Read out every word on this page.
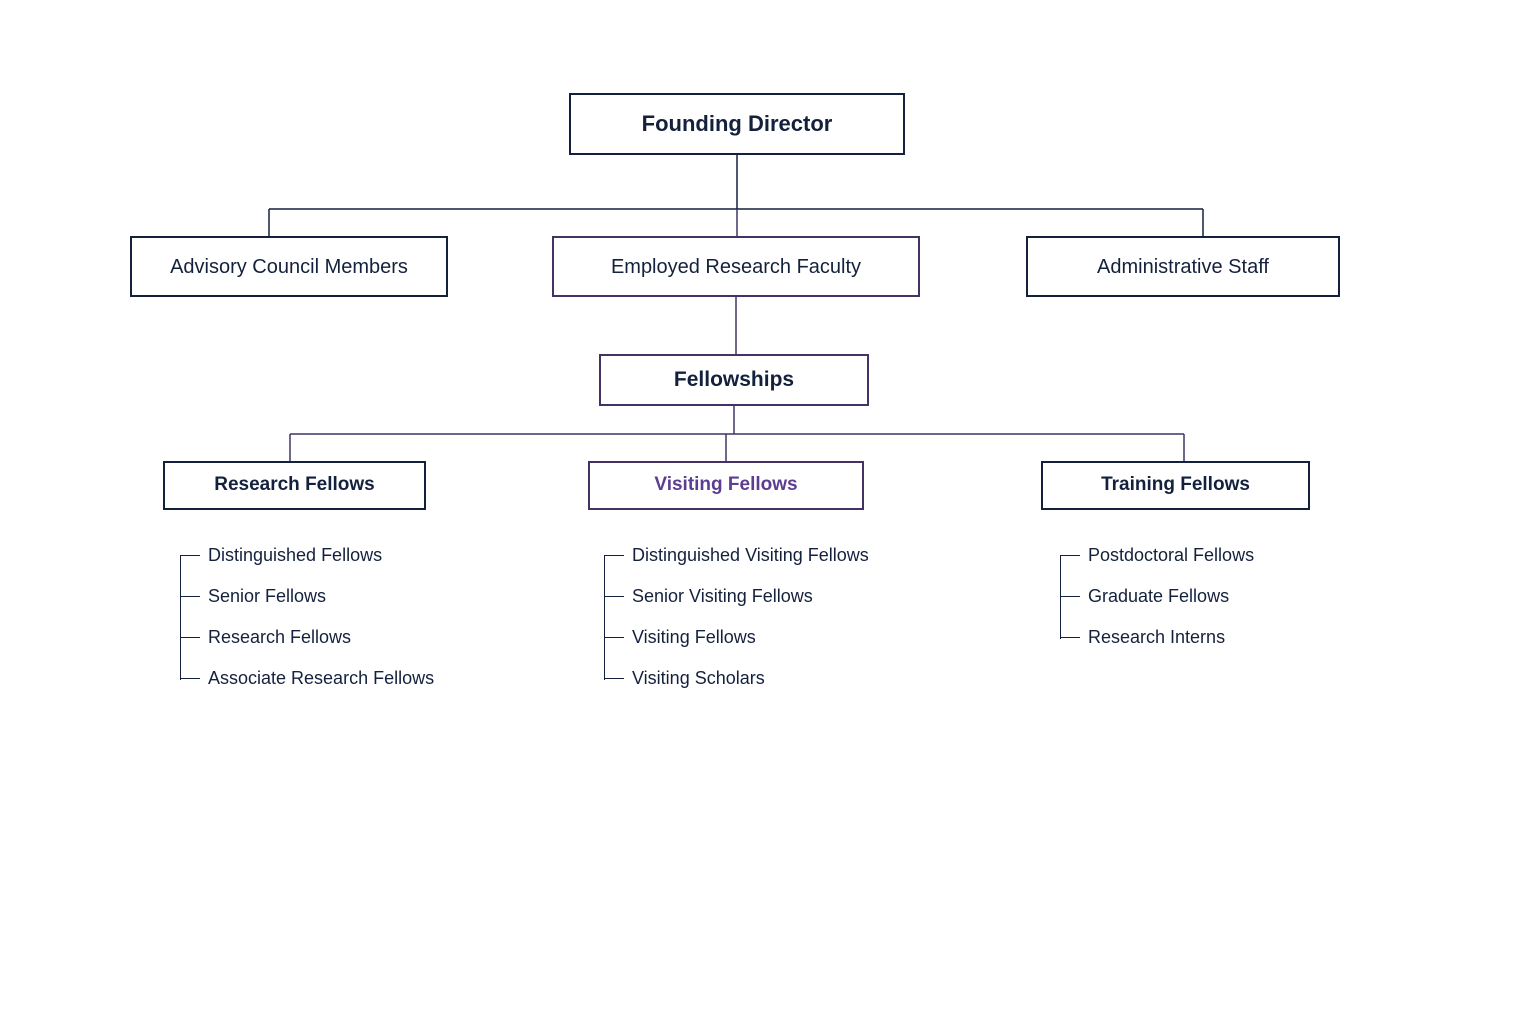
Founding Director
Advisory Council Members	Employed Research Faculty	Administrative Staff
Fellowships
Research Fellows	Visiting Fellows	Training Fellows
Distinguished Fellows
Senior Fellows
Research Fellows
Associate Research Fellows
Distinguished Visiting Fellows
Senior Visiting Fellows
Visiting Fellows
Visiting Scholars
Postdoctoral Fellows
Graduate Fellows
Research Interns
